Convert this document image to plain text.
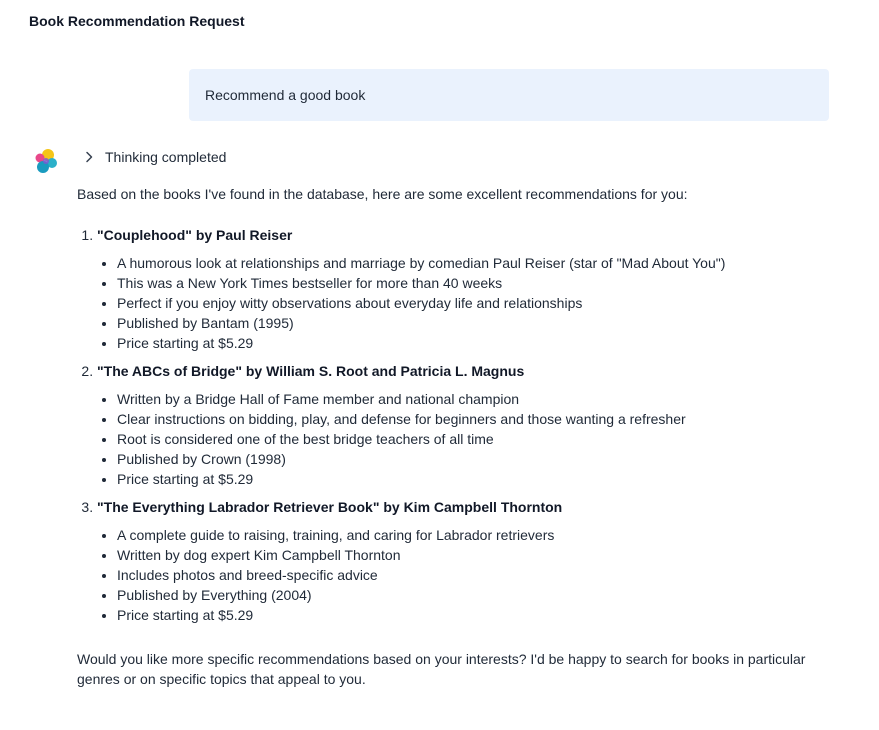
Book Recommendation Request
Recommend a good book
Thinking completed

Based on the books I've found in the database, here are some excellent recommendations for you:

1. "Couplehood" by Paul Reiser
• A humorous look at relationships and marriage by comedian Paul Reiser (star of "Mad About You")
• This was a New York Times bestseller for more than 40 weeks
• Perfect if you enjoy witty observations about everyday life and relationships
• Published by Bantam (1995)
• Price starting at $5.29
2. "The ABCs of Bridge" by William S. Root and Patricia L. Magnus
• Written by a Bridge Hall of Fame member and national champion
• Clear instructions on bidding, play, and defense for beginners and those wanting a refresher
• Root is considered one of the best bridge teachers of all time
• Published by Crown (1998)
• Price starting at $5.29
3. "The Everything Labrador Retriever Book" by Kim Campbell Thornton
• A complete guide to raising, training, and caring for Labrador retrievers
• Written by dog expert Kim Campbell Thornton
• Includes photos and breed-specific advice
• Published by Everything (2004)
• Price starting at $5.29

Would you like more specific recommendations based on your interests? I'd be happy to search for books in particular genres or on specific topics that appeal to you.
